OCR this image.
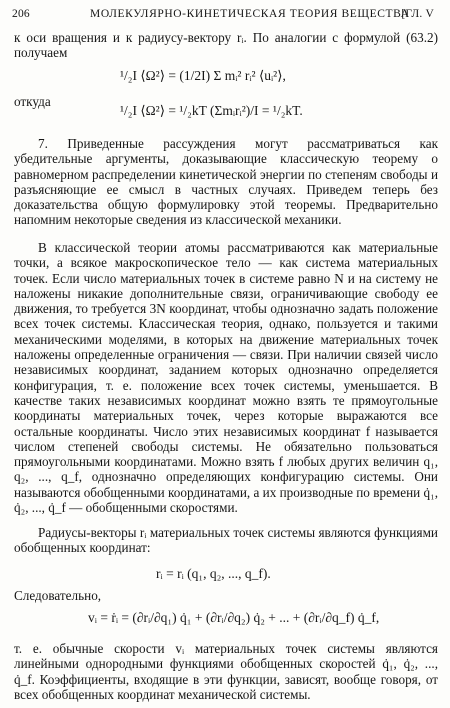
206	МОЛЕКУЛЯРНО-КИНЕТИЧЕСКАЯ ТЕОРИЯ ВЕЩЕСТВА
[ГЛ. V
к оси вращения и к радиусу-вектору rᵢ. По аналогии с формулой (63.2) получаем
¹/₂I ⟨Ω²⟩ = (1/2I) Σ mᵢ² rᵢ² ⟨uᵢ²⟩,
откуда
¹/₂I ⟨Ω²⟩ = ¹/₂kT (Σmᵢrᵢ²)/I = ¹/₂kT.
7. Приведенные рассуждения могут рассматриваться как убедительные аргументы, доказывающие классическую теорему о равномерном распределении кинетической энергии по степеням свободы и разъясняющие ее смысл в частных случаях. Приведем теперь без доказательства общую формулировку этой теоремы. Предварительно напомним некоторые сведения из классической механики.
В классической теории атомы рассматриваются как материальные точки, а всякое макроскопическое тело — как система материальных точек. Если число материальных точек в системе равно N и на систему не наложены никакие дополнительные связи, ограничивающие свободу ее движения, то требуется 3N координат, чтобы однозначно задать положение всех точек системы. Классическая теория, однако, пользуется и такими механическими моделями, в которых на движение материальных точек наложены определенные ограничения — связи. При наличии связей число независимых координат, заданием которых однозначно определяется конфигурация, т. е. положение всех точек системы, уменьшается. В качестве таких независимых координат можно взять те прямоугольные координаты материальных точек, через которые выражаются все остальные координаты. Число этих независимых координат f называется числом степеней свободы системы. Не обязательно пользоваться прямоугольными координатами. Можно взять f любых других величин q₁, q₂, ..., q_f, однозначно определяющих конфигурацию системы. Они называются обобщенными координатами, а их производные по времени q̇₁, q̇₂, ..., q̇_f — обобщенными скоростями.
Радиусы-векторы rᵢ материальных точек системы являются функциями обобщенных координат:
rᵢ = rᵢ (q₁, q₂, ..., q_f).
Следовательно,
vᵢ = ṙᵢ = (∂rᵢ/∂q₁) q̇₁ + (∂rᵢ/∂q₂) q̇₂ + ... + (∂rᵢ/∂q_f) q̇_f,
т. е. обычные скорости vᵢ материальных точек системы являются линейными однородными функциями обобщенных скоростей q̇₁, q̇₂, ..., q̇_f. Коэффициенты, входящие в эти функции, зависят, вообще говоря, от всех обобщенных координат механической системы.
